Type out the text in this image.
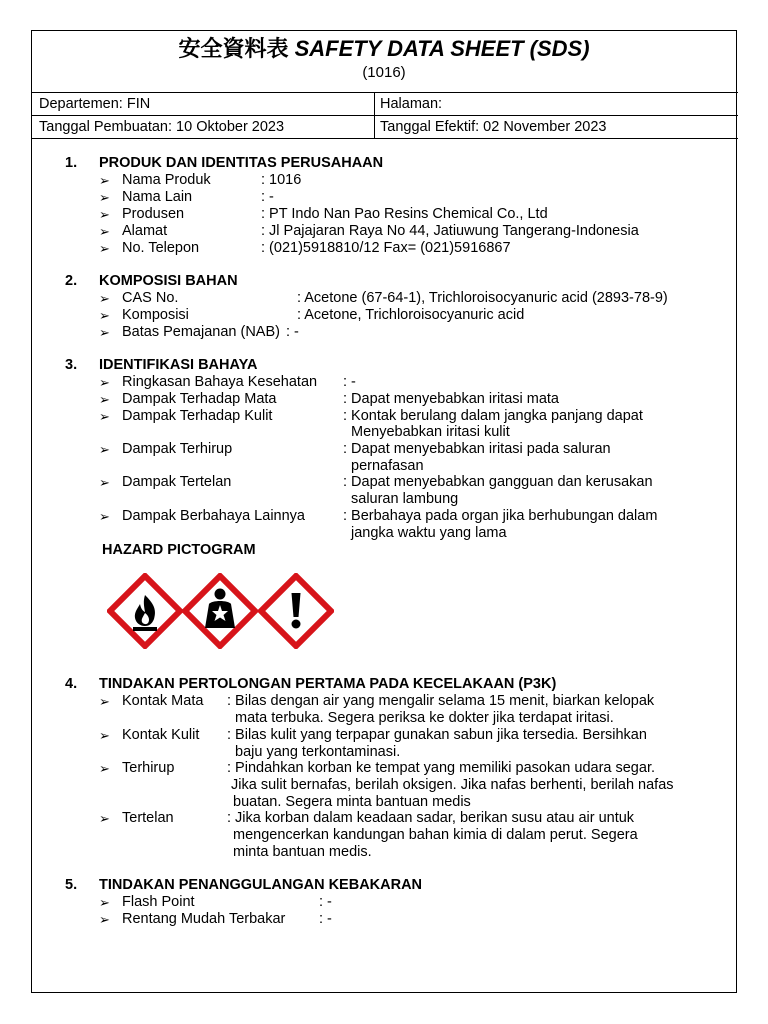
安全資料表 SAFETY DATA SHEET (SDS)
(1016)
Departemen: FIN	Halaman:
Tanggal Pembuatan: 10 Oktober 2023	Tanggal Efektif: 02 November 2023
1. PRODUK DAN IDENTITAS PERUSAHAAN
➢ Nama Produk	: 1016
➢ Nama Lain	: -
➢ Produsen	: PT Indo Nan Pao Resins Chemical Co., Ltd
➢ Alamat	: Jl Pajajaran Raya No 44, Jatiuwung Tangerang-Indonesia
➢ No. Telepon	: (021)5918810/12 Fax= (021)5916867
2. KOMPOSISI BAHAN
➢ CAS No.	: Acetone (67-64-1), Trichloroisocyanuric acid (2893-78-9)
➢ Komposisi	: Acetone, Trichloroisocyanuric acid
➢ Batas Pemajanan (NAB) : -
3. IDENTIFIKASI BAHAYA
➢ Ringkasan Bahaya Kesehatan : -
➢ Dampak Terhadap Mata	: Dapat menyebabkan iritasi mata
➢ Dampak Terhadap Kulit	: Kontak berulang dalam jangka panjang dapat
Menyebabkan iritasi kulit
➢ Dampak Terhirup	: Dapat menyebabkan iritasi pada saluran
pernafasan
➢ Dampak Tertelan	: Dapat menyebabkan gangguan dan kerusakan
saluran lambung
➢ Dampak Berbahaya Lainnya	: Berbahaya pada organ jika berhubungan dalam
jangka waktu yang lama
HAZARD PICTOGRAM
4. TINDAKAN PERTOLONGAN PERTAMA PADA KECELAKAAN (P3K)
➢ Kontak Mata : Bilas dengan air yang mengalir selama 15 menit, biarkan kelopak
mata terbuka. Segera periksa ke dokter jika terdapat iritasi.
➢ Kontak Kulit : Bilas kulit yang terpapar gunakan sabun jika tersedia. Bersihkan
baju yang terkontaminasi.
➢ Terhirup	: Pindahkan korban ke tempat yang memiliki pasokan udara segar.
Jika sulit bernafas, berilah oksigen. Jika nafas berhenti, berilah nafas
buatan. Segera minta bantuan medis
➢ Tertelan	: Jika korban dalam keadaan sadar, berikan susu atau air untuk
mengencerkan kandungan bahan kimia di dalam perut. Segera
minta bantuan medis.
5. TINDAKAN PENANGGULANGAN KEBAKARAN
➢ Flash Point	: -
➢ Rentang Mudah Terbakar : -
